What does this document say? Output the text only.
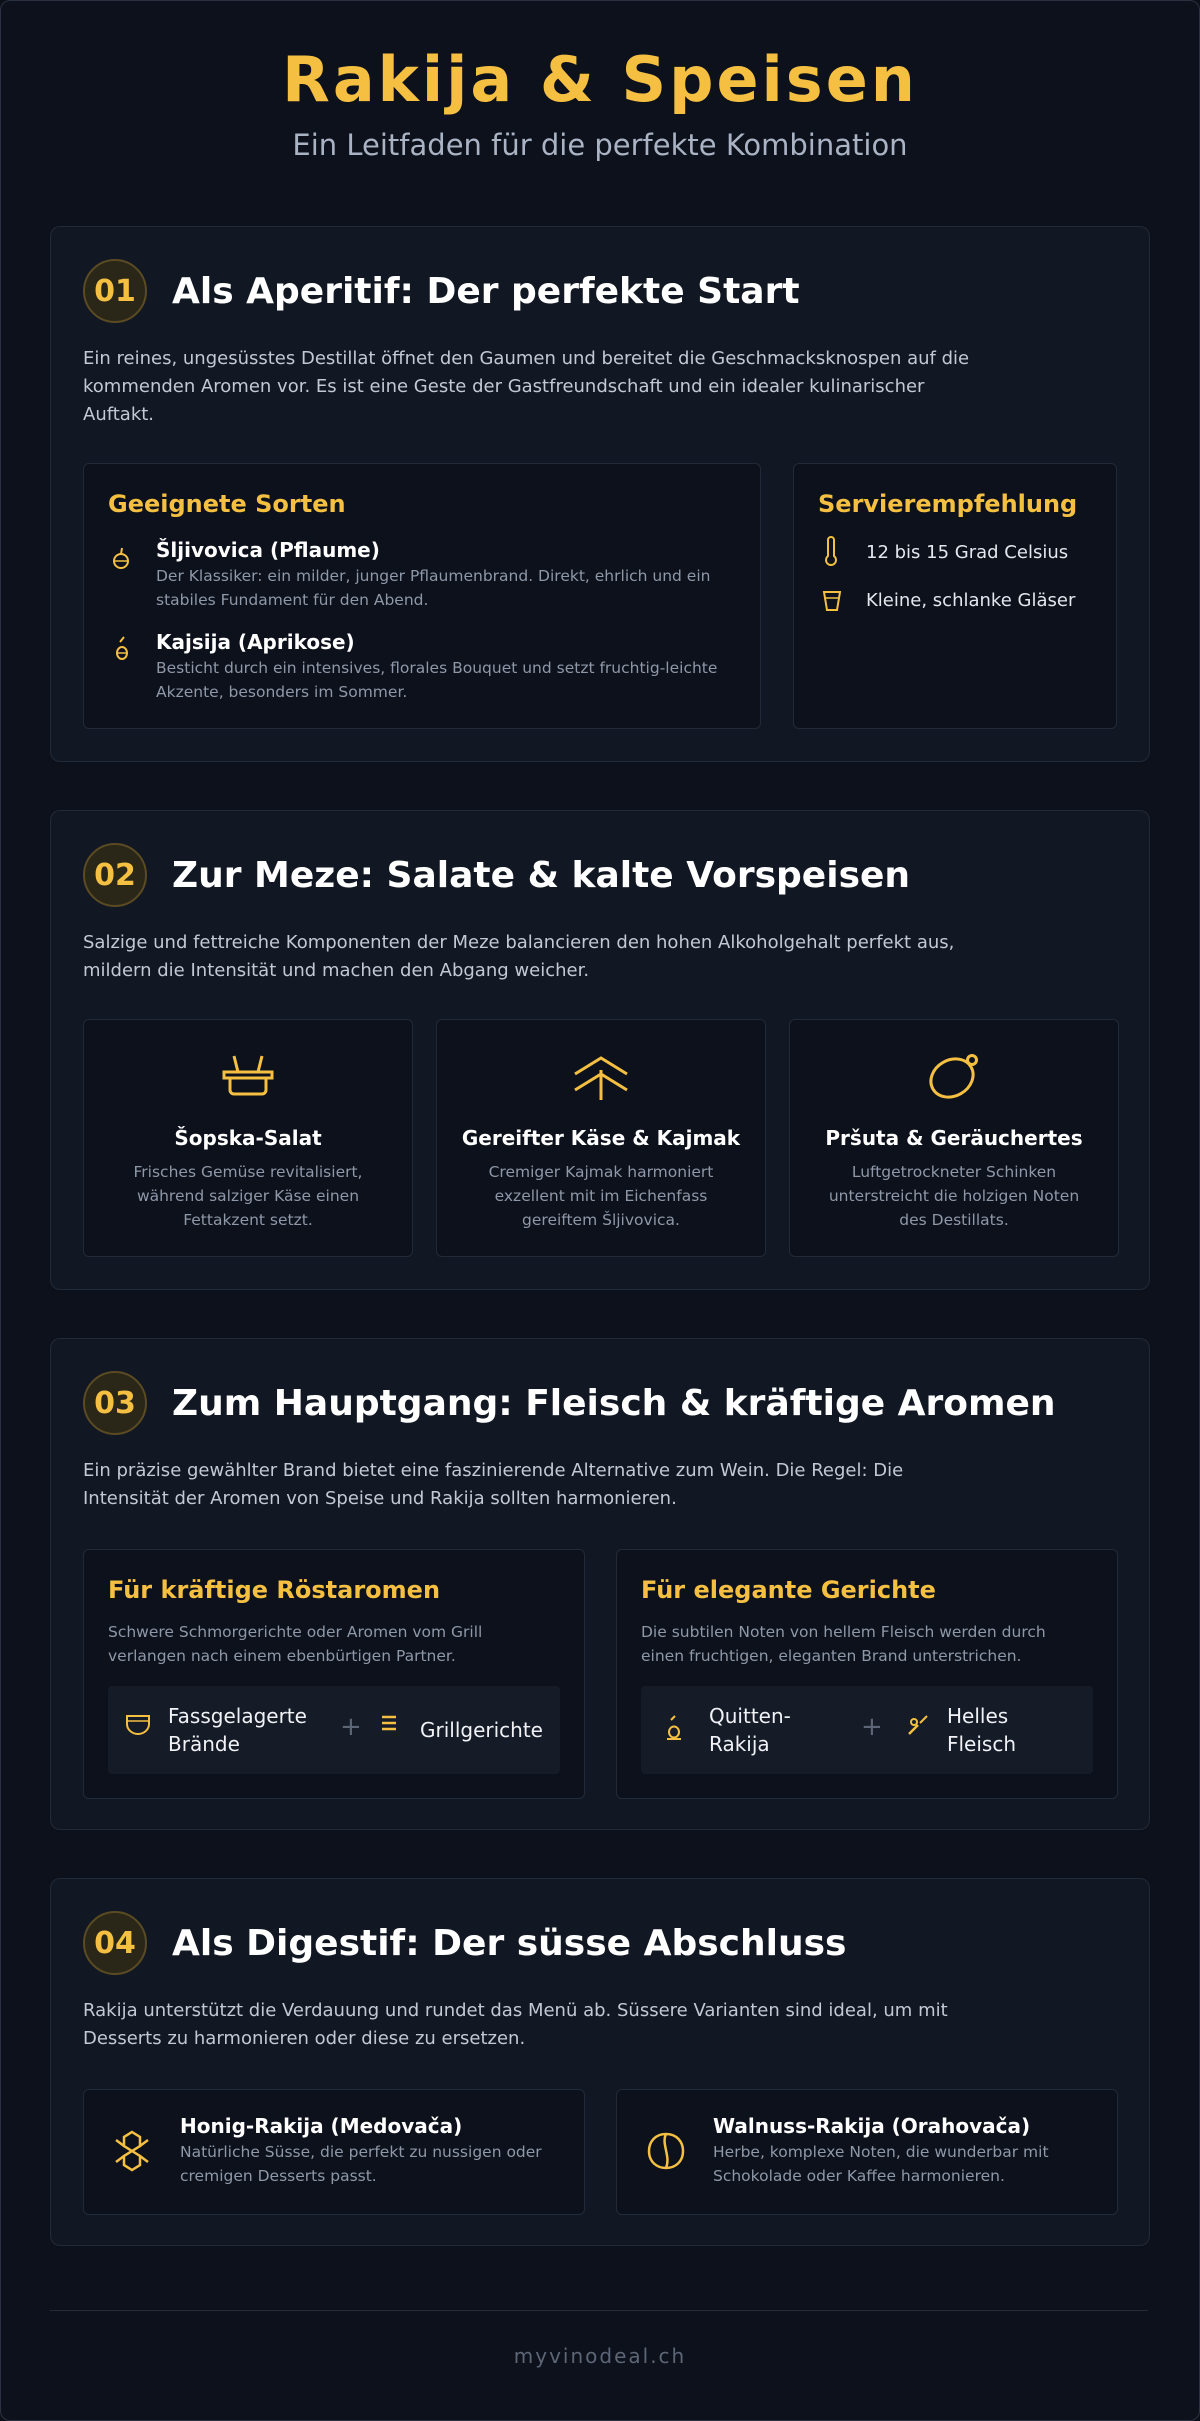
Rakija & Speisen
Ein Leitfaden für die perfekte Kombination
01	Als Aperitif: Der perfekte Start
Ein reines, ungesüsstes Destillat öffnet den Gaumen und bereitet die Geschmacksknospen auf die kommenden Aromen vor. Es ist eine Geste der Gastfreundschaft und ein idealer kulinarischer Auftakt.
Geeignete Sorten
Šljivovica (Pflaume)
Der Klassiker: ein milder, junger Pflaumenbrand. Direkt, ehrlich und ein stabiles Fundament für den Abend.
Kajsija (Aprikose)
Besticht durch ein intensives, florales Bouquet und setzt fruchtig-leichte Akzente, besonders im Sommer.
Servierempfehlung
12 bis 15 Grad Celsius
Kleine, schlanke Gläser
02	Zur Meze: Salate & kalte Vorspeisen
Salzige und fettreiche Komponenten der Meze balancieren den hohen Alkoholgehalt perfekt aus, mildern die Intensität und machen den Abgang weicher.
Šopska-Salat
Frisches Gemüse revitalisiert, während salziger Käse einen Fettakzent setzt.
Gereifter Käse & Kajmak
Cremiger Kajmak harmoniert exzellent mit im Eichenfass gereiftem Šljivovica.
Pršuta & Geräuchertes
Luftgetrockneter Schinken unterstreicht die holzigen Noten des Destillats.
03	Zum Hauptgang: Fleisch & kräftige Aromen
Ein präzise gewählter Brand bietet eine faszinierende Alternative zum Wein. Die Regel: Die Intensität der Aromen von Speise und Rakija sollten harmonieren.
Für kräftige Röstaromen
Schwere Schmorgerichte oder Aromen vom Grill verlangen nach einem ebenbürtigen Partner.
Fassgelagerte Brände
+	Grillgerichte
Für elegante Gerichte
Die subtilen Noten von hellem Fleisch werden durch einen fruchtigen, eleganten Brand unterstrichen.
Quitten-Rakija
+	Helles Fleisch
04	Als Digestif: Der süsse Abschluss
Rakija unterstützt die Verdauung und rundet das Menü ab. Süssere Varianten sind ideal, um mit Desserts zu harmonieren oder diese zu ersetzen.
Honig-Rakija (Medovača)
Natürliche Süsse, die perfekt zu nussigen oder cremigen Desserts passt.
Walnuss-Rakija (Orahovača)
Herbe, komplexe Noten, die wunderbar mit Schokolade oder Kaffee harmonieren.
myvinodeal.ch
